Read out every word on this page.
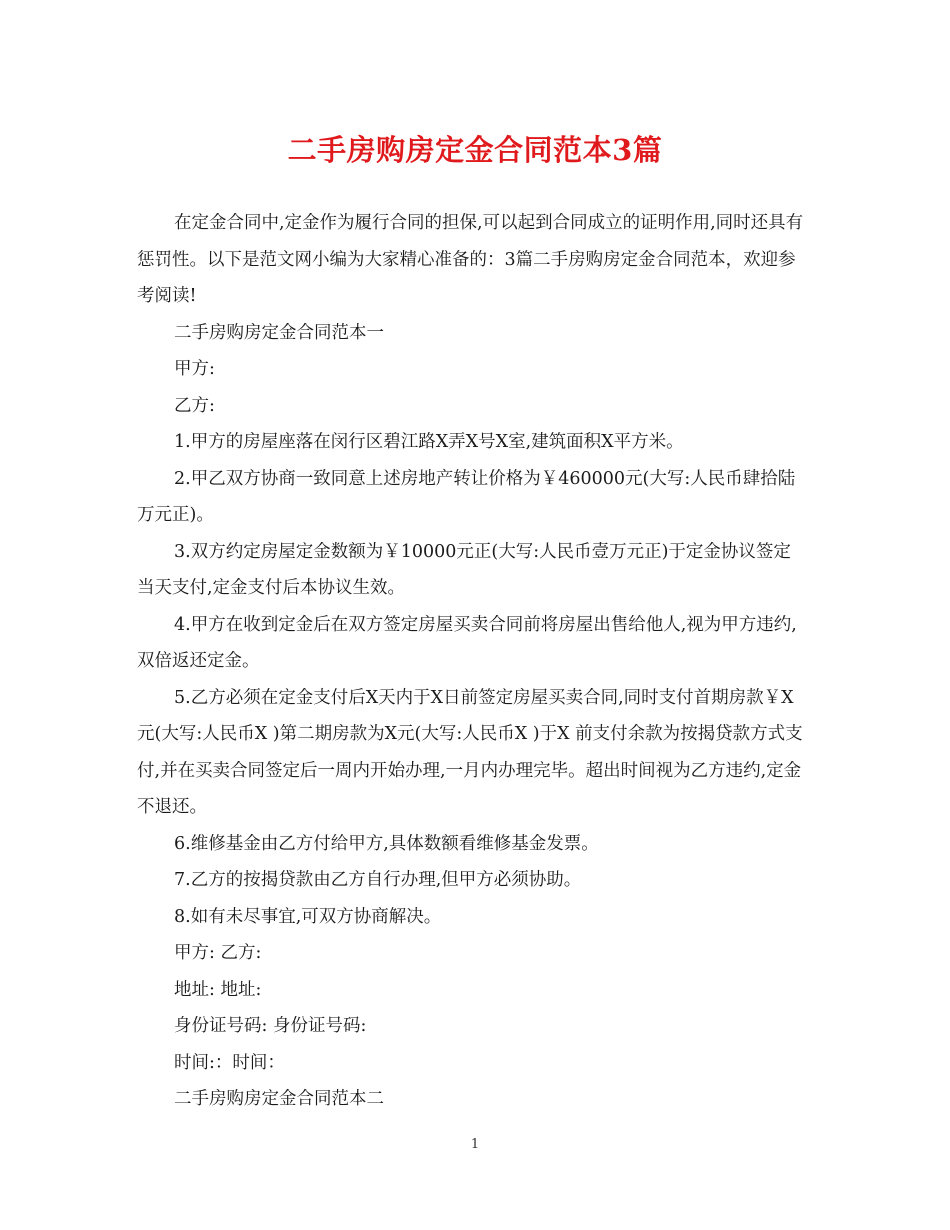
二手房购房定金合同范本3篇

在定金合同中,定金作为履行合同的担保,可以起到合同成立的证明作用,同时还具有惩罚性。以下是范文网小编为大家精心准备的：3篇二手房购房定金合同范本，欢迎参考阅读!

二手房购房定金合同范本一

甲方:

乙方:

1.甲方的房屋座落在闵行区碧江路X弄X号X室,建筑面积X平方米。

2.甲乙双方协商一致同意上述房地产转让价格为￥460000元(大写:人民币肆拾陆万元正)。

3.双方约定房屋定金数额为￥10000元正(大写:人民币壹万元正)于定金协议签定当天支付,定金支付后本协议生效。

4.甲方在收到定金后在双方签定房屋买卖合同前将房屋出售给他人,视为甲方违约,双倍返还定金。

5.乙方必须在定金支付后X天内于X日前签定房屋买卖合同,同时支付首期房款￥X 元(大写:人民币X )第二期房款为X元(大写:人民币X )于X 前支付余款为按揭贷款方式支付,并在买卖合同签定后一周内开始办理,一月内办理完毕。超出时间视为乙方违约,定金不退还。

6.维修基金由乙方付给甲方,具体数额看维修基金发票。

7.乙方的按揭贷款由乙方自行办理,但甲方必须协助。

8.如有未尽事宜,可双方协商解决。

甲方: 乙方:

地址: 地址:

身份证号码: 身份证号码:

时间:：时间：

二手房购房定金合同范本二

1
